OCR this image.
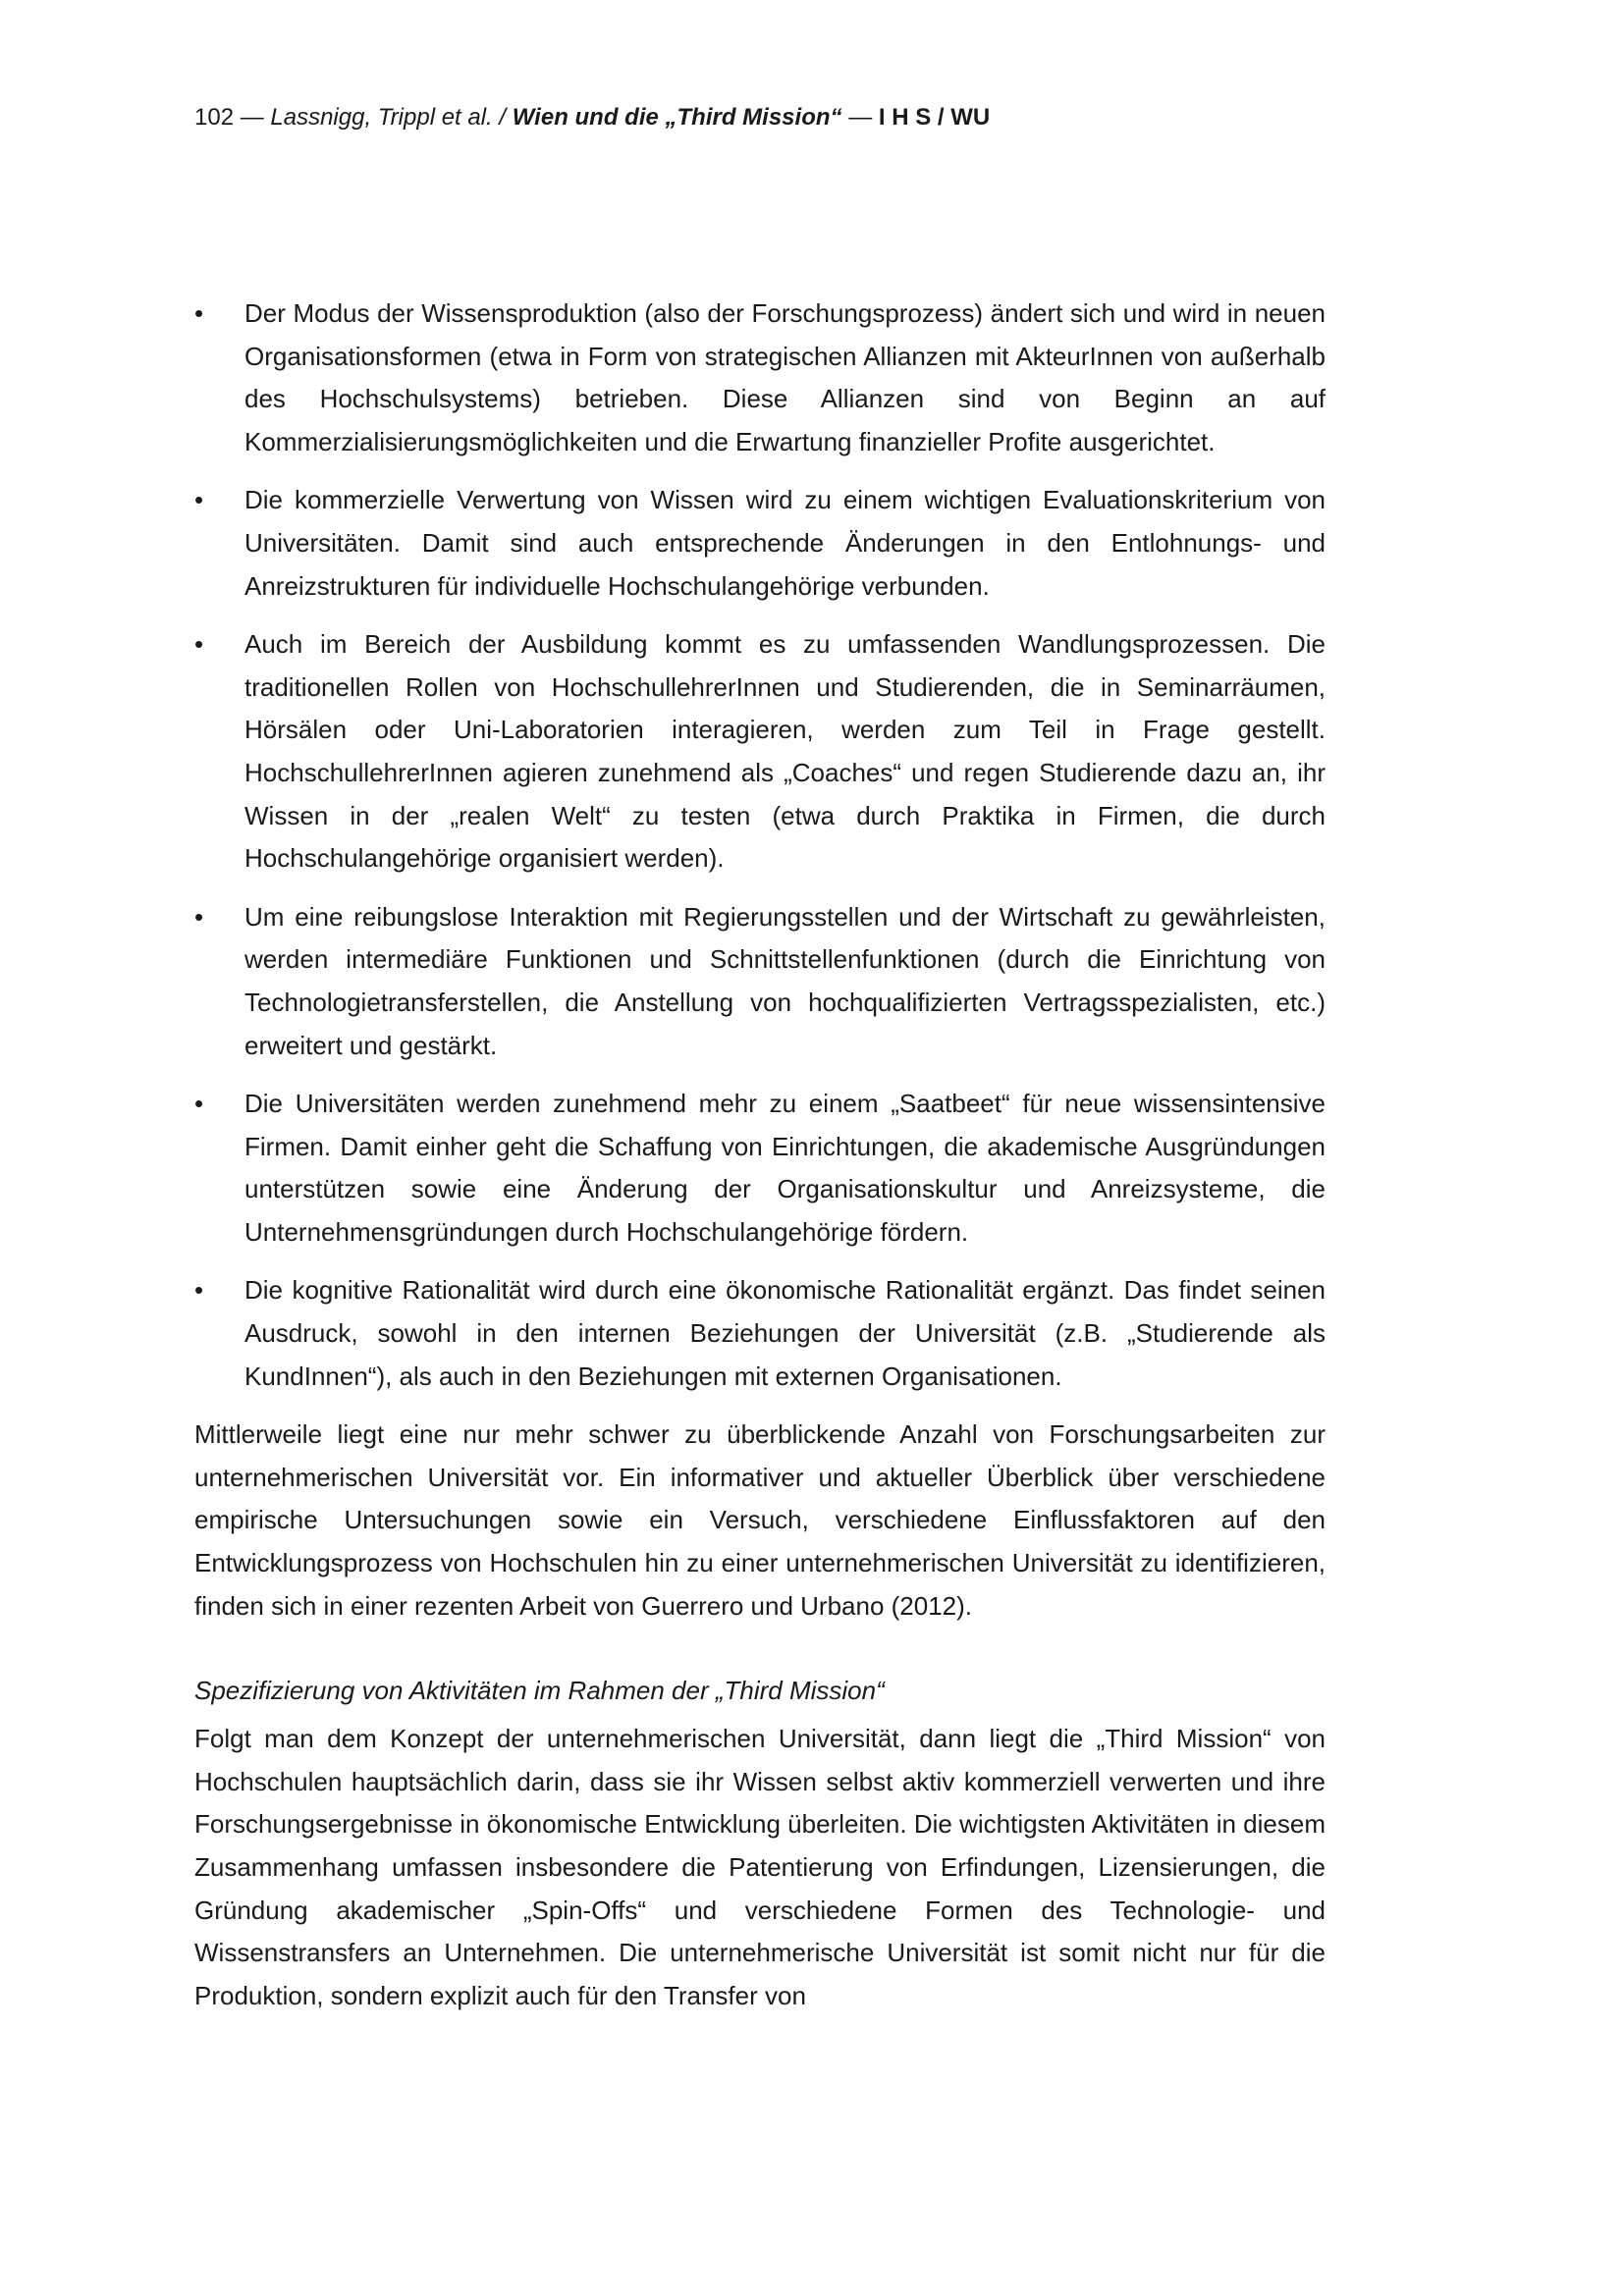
102 — Lassnigg, Trippl et al. / Wien und die „Third Mission“ — I H S / WU
•	Der Modus der Wissensproduktion (also der Forschungsprozess) ändert sich und wird in neuen Organisationsformen (etwa in Form von strategischen Allianzen mit AkteurInnen von außerhalb des Hochschulsystems) betrieben. Diese Allianzen sind von Beginn an auf Kommerzialisierungsmöglichkeiten und die Erwartung finanzieller Profite ausgerichtet.
•	Die kommerzielle Verwertung von Wissen wird zu einem wichtigen Evaluationskriterium von Universitäten. Damit sind auch entsprechende Änderungen in den Entlohnungs- und Anreizstrukturen für individuelle Hochschulangehörige verbunden.
•	Auch im Bereich der Ausbildung kommt es zu umfassenden Wandlungsprozessen. Die traditionellen Rollen von HochschullehrerInnen und Studierenden, die in Seminarräumen, Hörsälen oder Uni-Laboratorien interagieren, werden zum Teil in Frage gestellt. HochschullehrerInnen agieren zunehmend als „Coaches“ und regen Studierende dazu an, ihr Wissen in der „realen Welt“ zu testen (etwa durch Praktika in Firmen, die durch Hochschulangehörige organisiert werden).
•	Um eine reibungslose Interaktion mit Regierungsstellen und der Wirtschaft zu gewährleisten, werden intermediäre Funktionen und Schnittstellenfunktionen (durch die Einrichtung von Technologietransferstellen, die Anstellung von hochqualifizierten Vertragsspezialisten, etc.) erweitert und gestärkt.
•	Die Universitäten werden zunehmend mehr zu einem „Saatbeet“ für neue wissensintensive Firmen. Damit einher geht die Schaffung von Einrichtungen, die akademische Ausgründungen unterstützen sowie eine Änderung der Organisationskultur und Anreizsysteme, die Unternehmensgründungen durch Hochschulangehörige fördern.
•	Die kognitive Rationalität wird durch eine ökonomische Rationalität ergänzt. Das findet seinen Ausdruck, sowohl in den internen Beziehungen der Universität (z.B. „Studierende als KundInnen“), als auch in den Beziehungen mit externen Organisationen.

Mittlerweile liegt eine nur mehr schwer zu überblickende Anzahl von Forschungsarbeiten zur unternehmerischen Universität vor. Ein informativer und aktueller Überblick über verschiedene empirische Untersuchungen sowie ein Versuch, verschiedene Einflussfaktoren auf den Entwicklungsprozess von Hochschulen hin zu einer unternehmerischen Universität zu identifizieren, finden sich in einer rezenten Arbeit von Guerrero und Urbano (2012).

Spezifizierung von Aktivitäten im Rahmen der „Third Mission“

Folgt man dem Konzept der unternehmerischen Universität, dann liegt die „Third Mission“ von Hochschulen hauptsächlich darin, dass sie ihr Wissen selbst aktiv kommerziell verwerten und ihre Forschungsergebnisse in ökonomische Entwicklung überleiten. Die wichtigsten Aktivitäten in diesem Zusammenhang umfassen insbesondere die Patentierung von Erfindungen, Lizensierungen, die Gründung akademischer „Spin-Offs“ und verschiedene Formen des Technologie- und Wissenstransfers an Unternehmen. Die unternehmerische Universität ist somit nicht nur für die Produktion, sondern explizit auch für den Transfer von
